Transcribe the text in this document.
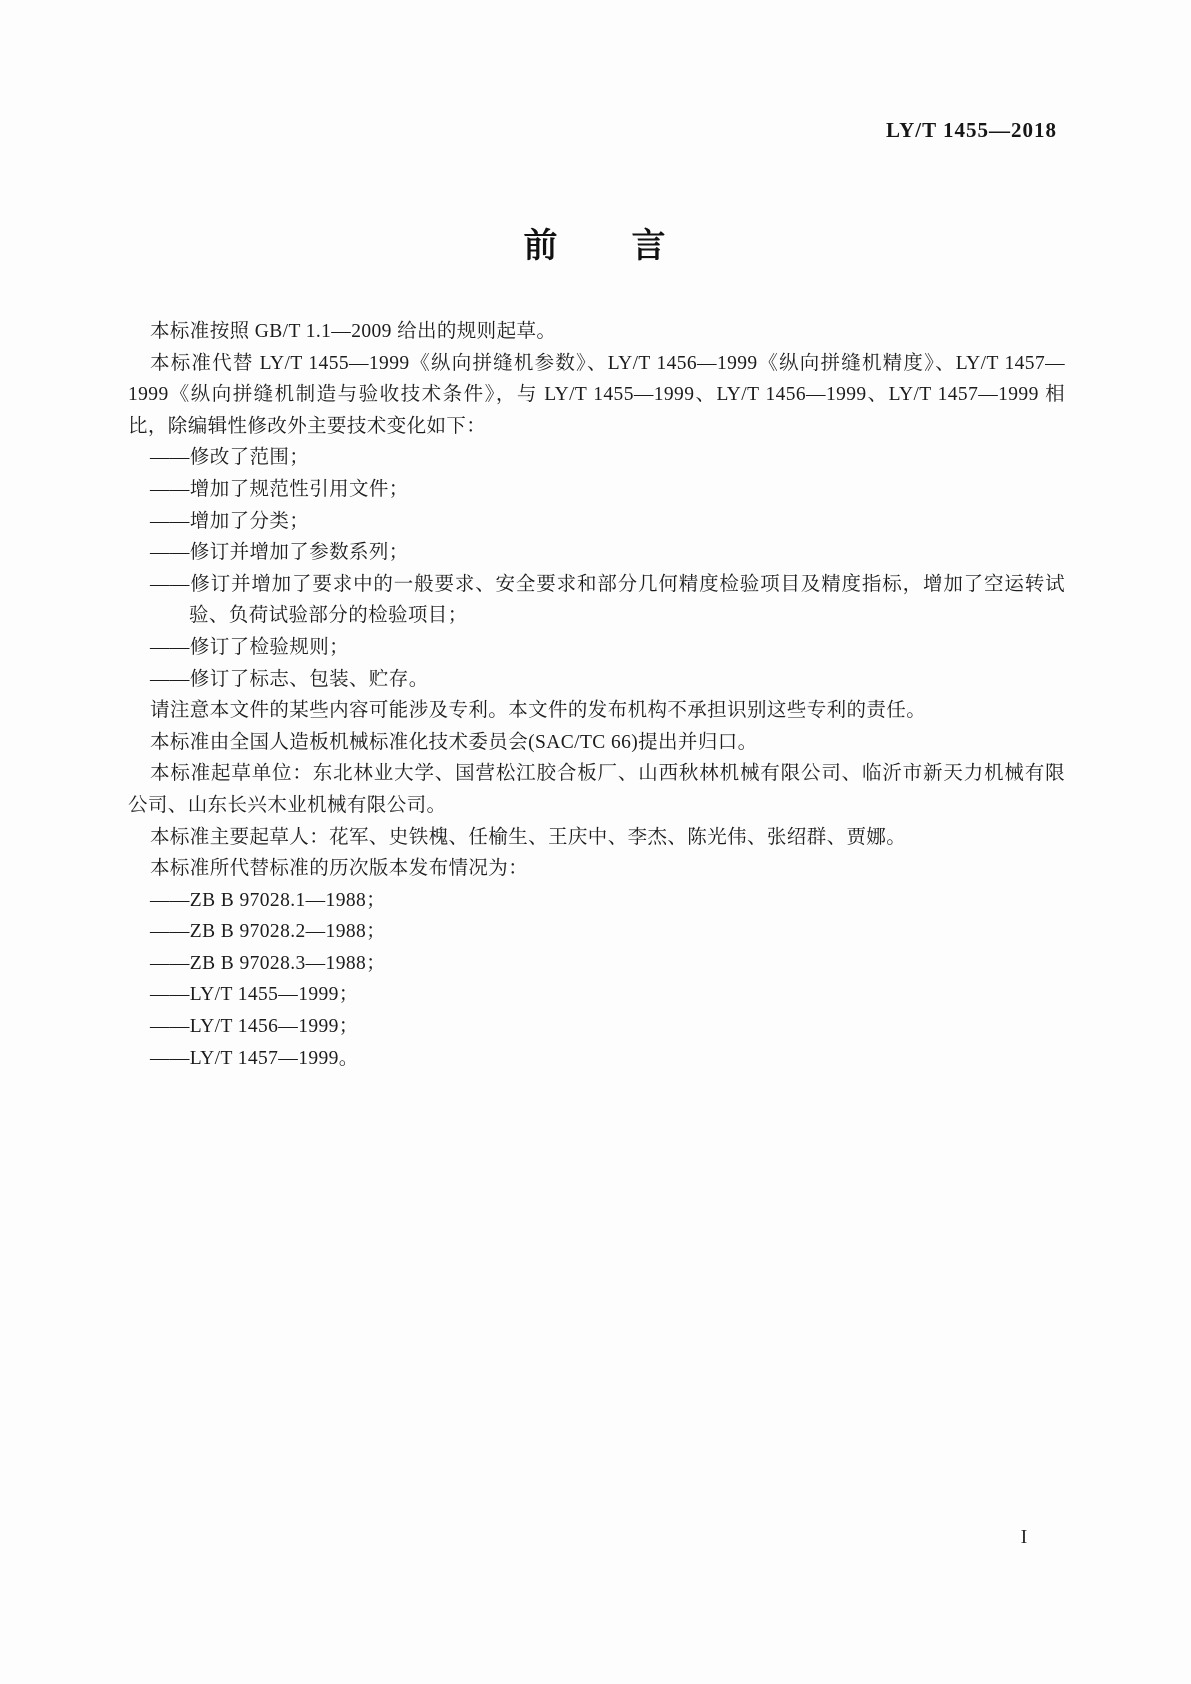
LY/T 1455—2018
前　　言

本标准按照 GB/T 1.1—2009 给出的规则起草。

本标准代替 LY/T 1455—1999《纵向拼缝机参数》、LY/T 1456—1999《纵向拼缝机精度》、LY/T 1457—1999《纵向拼缝机制造与验收技术条件》，与 LY/T 1455—1999、LY/T 1456—1999、LY/T 1457—1999 相比，除编辑性修改外主要技术变化如下：

——修改了范围；

——增加了规范性引用文件；

——增加了分类；

——修订并增加了参数系列；

——修订并增加了要求中的一般要求、安全要求和部分几何精度检验项目及精度指标，增加了空运转试验、负荷试验部分的检验项目；

——修订了检验规则；

——修订了标志、包装、贮存。

请注意本文件的某些内容可能涉及专利。本文件的发布机构不承担识别这些专利的责任。

本标准由全国人造板机械标准化技术委员会(SAC/TC 66)提出并归口。

本标准起草单位：东北林业大学、国营松江胶合板厂、山西秋林机械有限公司、临沂市新天力机械有限公司、山东长兴木业机械有限公司。

本标准主要起草人：花军、史铁槐、任榆生、王庆中、李杰、陈光伟、张绍群、贾娜。

本标准所代替标准的历次版本发布情况为：

——ZB B 97028.1—1988；

——ZB B 97028.2—1988；

——ZB B 97028.3—1988；

——LY/T 1455—1999；

——LY/T 1456—1999；

——LY/T 1457—1999。

I
